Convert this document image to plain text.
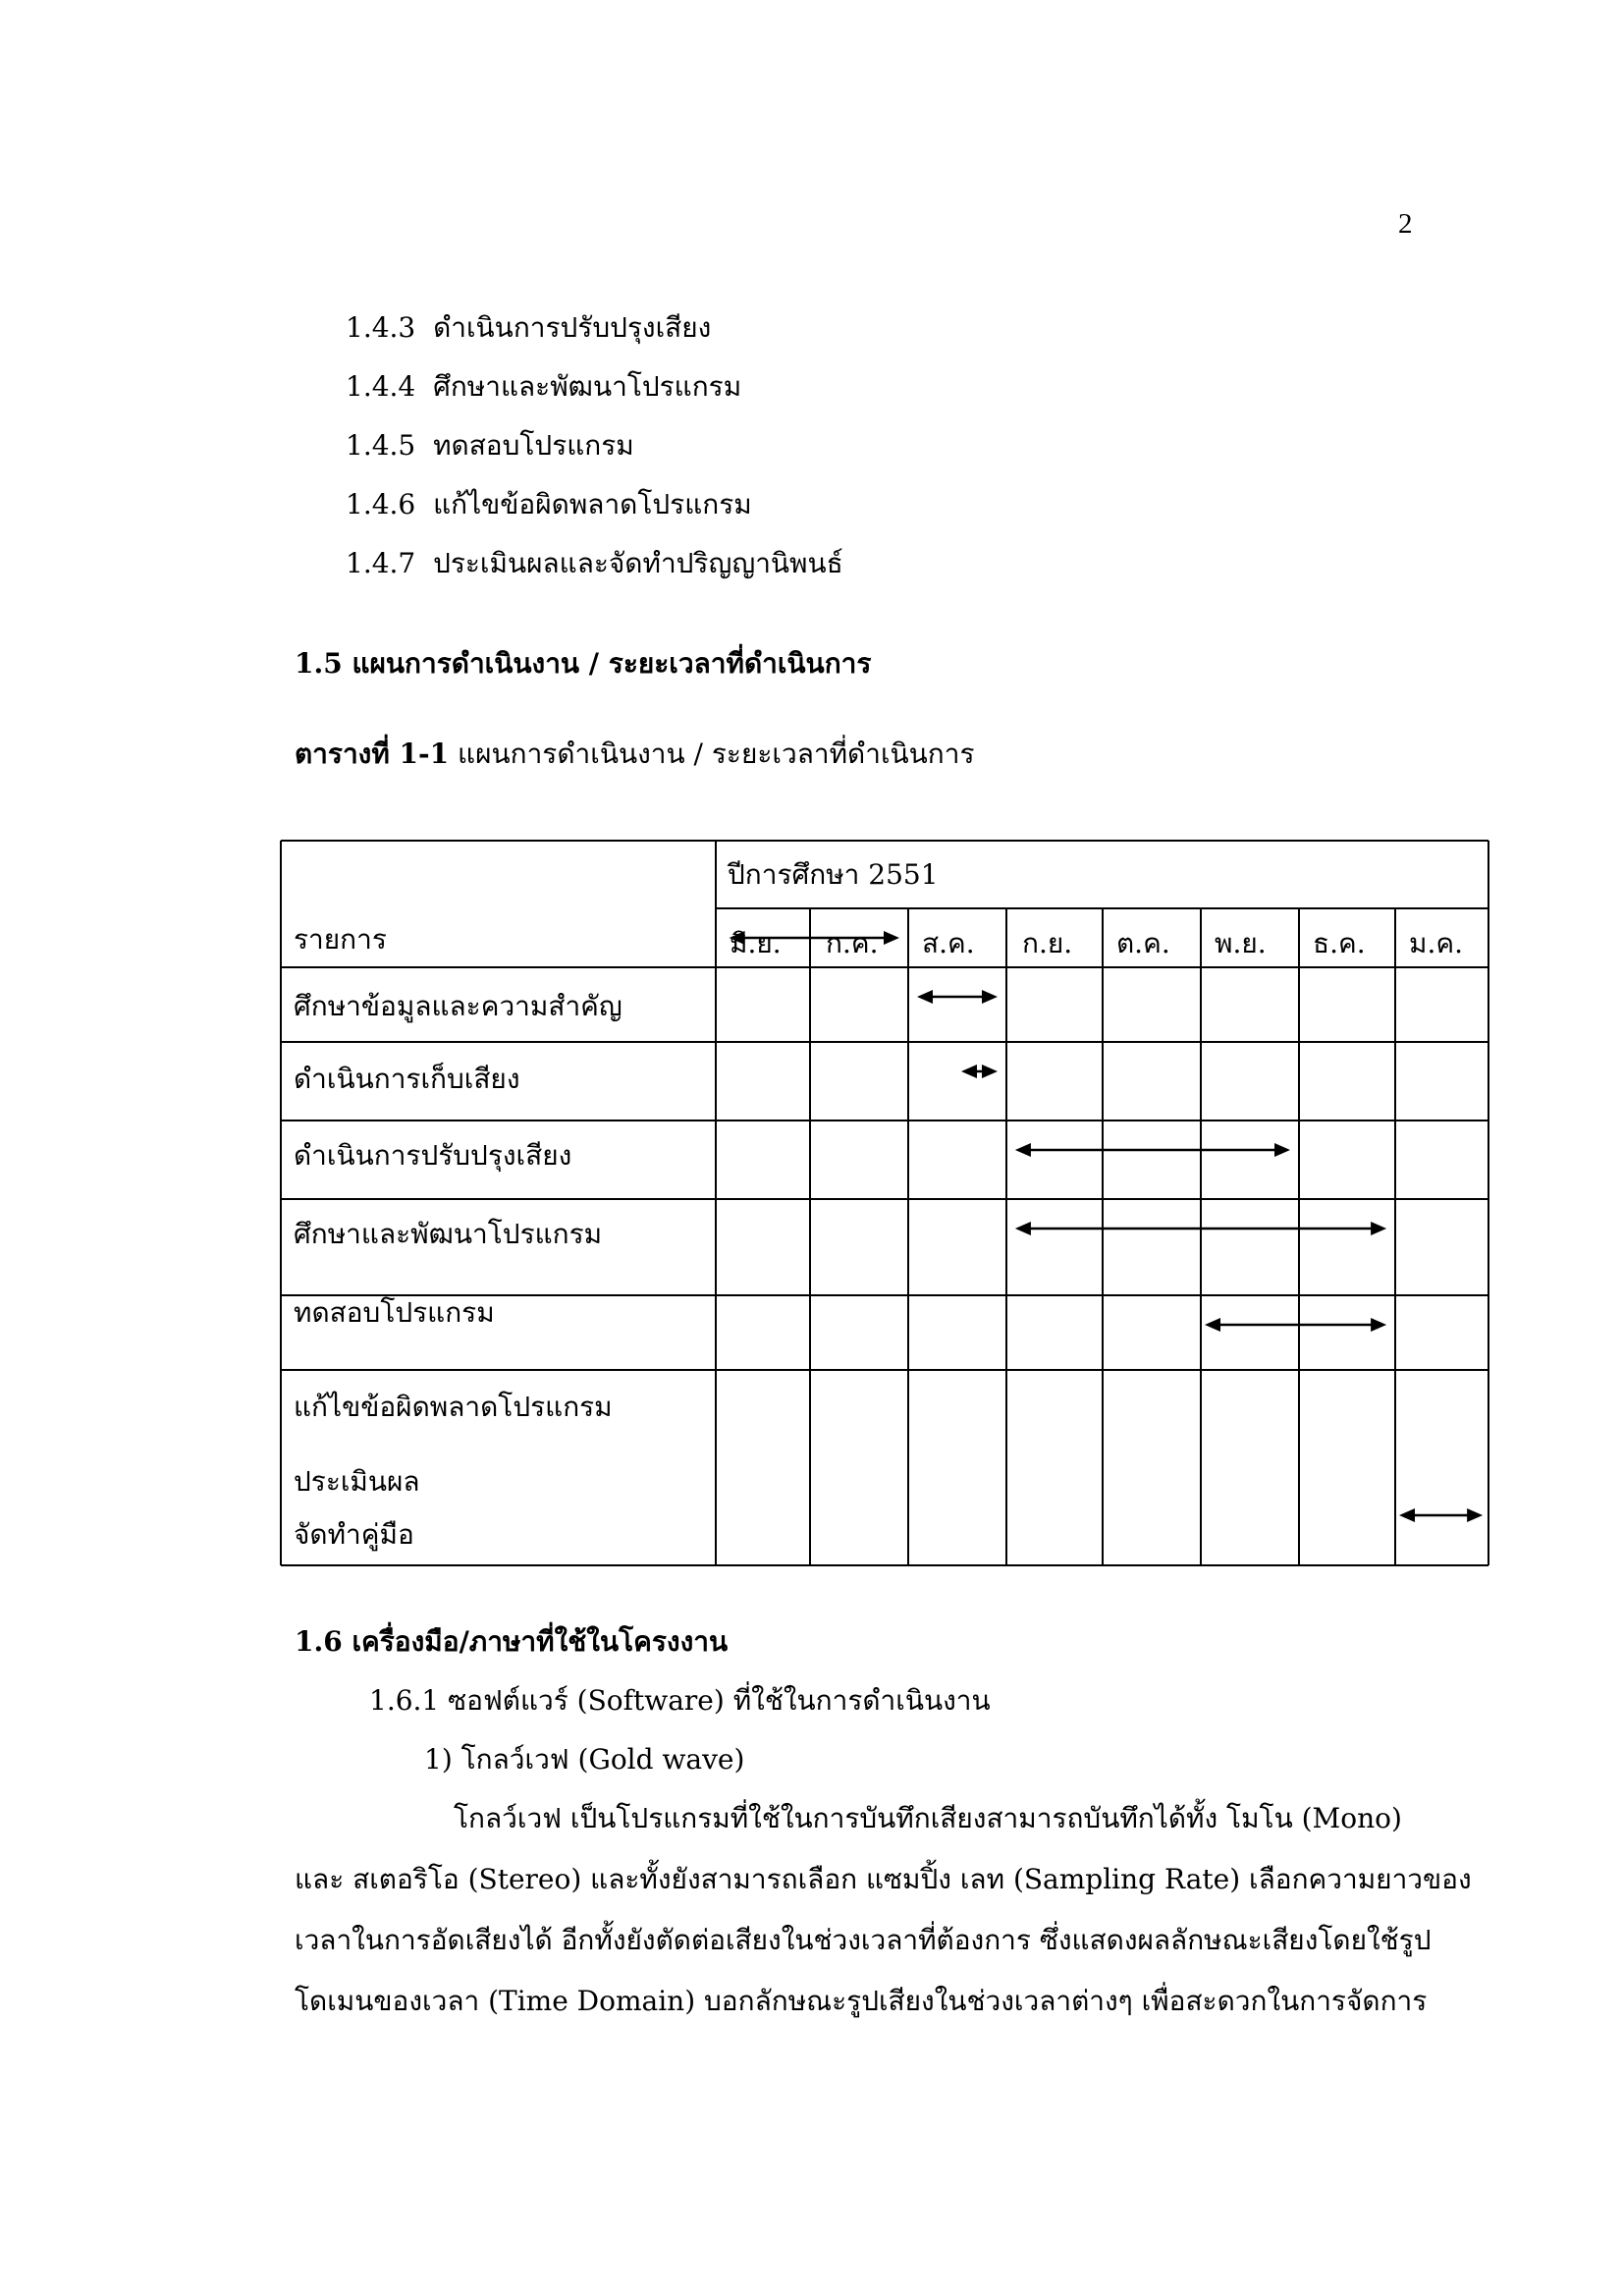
2
1.4.3 ดำเนินการปรับปรุงเสียง
1.4.4 ศึกษาและพัฒนาโปรแกรม
1.4.5 ทดสอบโปรแกรม
1.4.6 แก้ไขข้อผิดพลาดโปรแกรม
1.4.7 ประเมินผลและจัดทำปริญญานิพนธ์
1.5 แผนการดำเนินงาน / ระยะเวลาที่ดำเนินการ
ตารางที่ 1-1 แผนการดำเนินงาน / ระยะเวลาที่ดำเนินการ
รายการ
ปีการศึกษา 2551
มิ.ย. ก.ค. ส.ค. ก.ย. ต.ค. พ.ย. ธ.ค. ม.ค.
ศึกษาข้อมูลและความสำคัญ
ดำเนินการเก็บเสียง
ดำเนินการปรับปรุงเสียง
ศึกษาและพัฒนาโปรแกรม
ทดสอบโปรแกรม
แก้ไขข้อผิดพลาดโปรแกรม
ประเมินผล
จัดทำคู่มือ
1.6 เครื่องมือ/ภาษาที่ใช้ในโครงงาน
1.6.1 ซอฟต์แวร์ (Software) ที่ใช้ในการดำเนินงาน
1) โกลว์เวฟ (Gold wave)
โกลว์เวฟ เป็นโปรแกรมที่ใช้ในการบันทึกเสียงสามารถบันทึกได้ทั้ง โมโน (Mono)
และ สเตอริโอ (Stereo) และทั้งยังสามารถเลือก แซมปิ้ง เลท (Sampling Rate) เลือกความยาวของ
เวลาในการอัดเสียงได้ อีกทั้งยังตัดต่อเสียงในช่วงเวลาที่ต้องการ ซึ่งแสดงผลลักษณะเสียงโดยใช้รูป
โดเมนของเวลา (Time Domain) บอกลักษณะรูปเสียงในช่วงเวลาต่างๆ เพื่อสะดวกในการจัดการ
